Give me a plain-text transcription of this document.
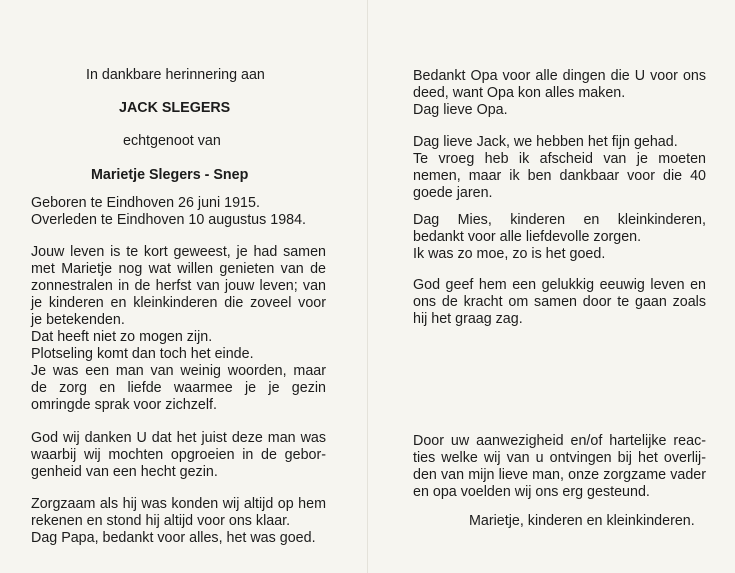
In dankbare herinnering aan
JACK SLEGERS
echtgenoot van
Marietje Slegers - Snep
Geboren te Eindhoven 26 juni 1915.
Overleden te Eindhoven 10 augustus 1984.
Jouw leven is te kort geweest, je had samen
met Marietje nog wat willen genieten van de
zonnestralen in de herfst van jouw leven; van
je kinderen en kleinkinderen die zoveel voor
je betekenden.
Dat heeft niet zo mogen zijn.
Plotseling komt dan toch het einde.
Je was een man van weinig woorden, maar
de zorg en liefde waarmee je je gezin
omringde sprak voor zichzelf.
God wij danken U dat het juist deze man was
waarbij wij mochten opgroeien in de gebor-
genheid van een hecht gezin.
Zorgzaam als hij was konden wij altijd op hem
rekenen en stond hij altijd voor ons klaar.
Dag Papa, bedankt voor alles, het was goed.
Bedankt Opa voor alle dingen die U voor ons
deed, want Opa kon alles maken.
Dag lieve Opa.
Dag lieve Jack, we hebben het fijn gehad.
Te vroeg heb ik afscheid van je moeten
nemen, maar ik ben dankbaar voor die 40
goede jaren.
Dag Mies, kinderen en kleinkinderen,
bedankt voor alle liefdevolle zorgen.
Ik was zo moe, zo is het goed.
God geef hem een gelukkig eeuwig leven en
ons de kracht om samen door te gaan zoals
hij het graag zag.
Door uw aanwezigheid en/of hartelijke reac-
ties welke wij van u ontvingen bij het overlij-
den van mijn lieve man, onze zorgzame vader
en opa voelden wij ons erg gesteund.
Marietje, kinderen en kleinkinderen.
